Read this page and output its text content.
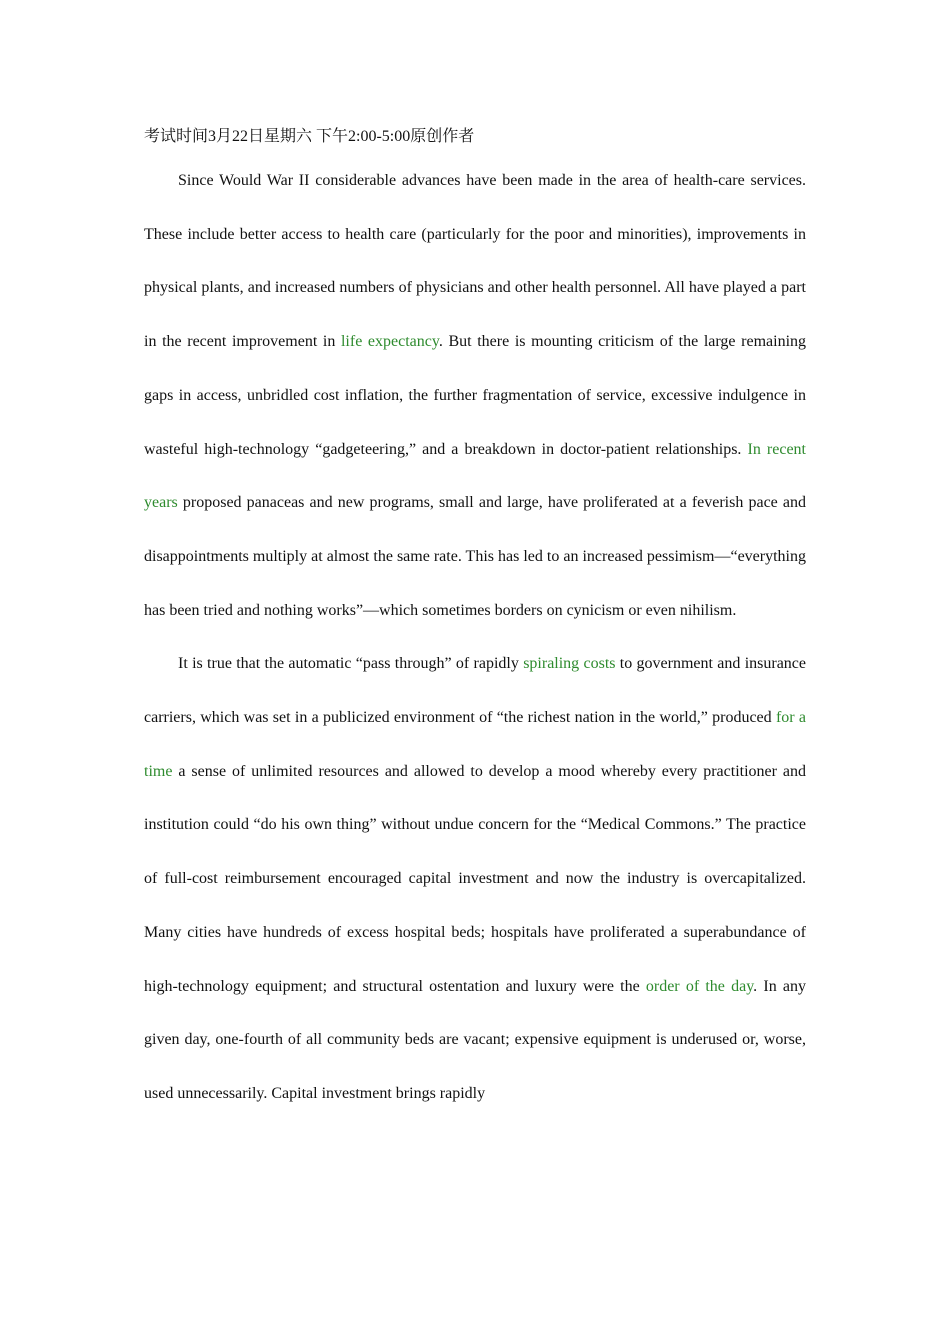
考试时间3月22日星期六 下午2:00-5:00原创作者

Since Would War II considerable advances have been made in the area of health-care services. These include better access to health care (particularly for the poor and minorities), improvements in physical plants, and increased numbers of physicians and other health personnel. All have played a part in the recent improvement in life expectancy. But there is mounting criticism of the large remaining gaps in access, unbridled cost inflation, the further fragmentation of service, excessive indulgence in wasteful high-technology “gadgeteering,” and a breakdown in doctor-patient relationships. In recent years proposed panaceas and new programs, small and large, have proliferated at a feverish pace and disappointments multiply at almost the same rate. This has led to an increased pessimism—“everything has been tried and nothing works”—which sometimes borders on cynicism or even nihilism.

It is true that the automatic “pass through” of rapidly spiraling costs to government and insurance carriers, which was set in a publicized environment of “the richest nation in the world,” produced for a time a sense of unlimited resources and allowed to develop a mood whereby every practitioner and institution could “do his own thing” without undue concern for the “Medical Commons.” The practice of full-cost reimbursement encouraged capital investment and now the industry is overcapitalized. Many cities have hundreds of excess hospital beds; hospitals have proliferated a superabundance of high-technology equipment; and structural ostentation and luxury were the order of the day. In any given day, one-fourth of all community beds are vacant; expensive equipment is underused or, worse, used unnecessarily. Capital investment brings rapidly
